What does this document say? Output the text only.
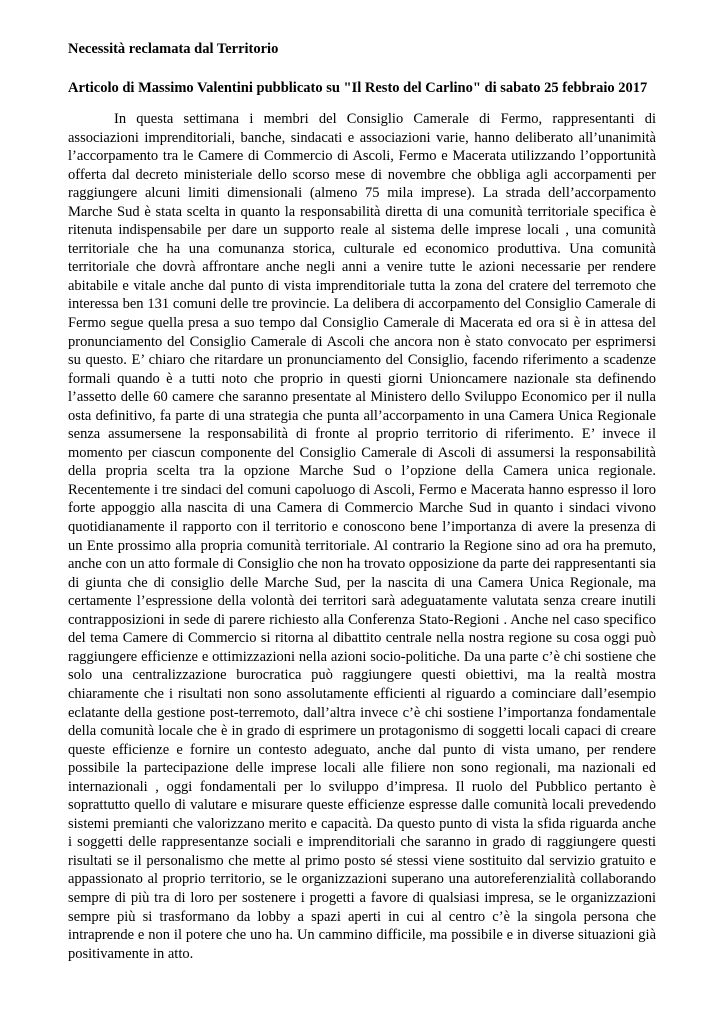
Necessità reclamata dal Territorio
Articolo di Massimo Valentini pubblicato su "Il Resto del Carlino" di sabato 25 febbraio 2017

In questa settimana i membri del Consiglio Camerale di Fermo, rappresentanti di associazioni imprenditoriali, banche, sindacati e associazioni varie, hanno deliberato all’unanimità l’accorpamento tra le Camere di Commercio di Ascoli, Fermo e Macerata utilizzando l’opportunità offerta dal decreto ministeriale dello scorso mese di novembre che obbliga agli accorpamenti per raggiungere alcuni limiti dimensionali (almeno 75 mila imprese). La strada dell’accorpamento Marche Sud è stata scelta in quanto la responsabilità diretta di una comunità territoriale specifica è ritenuta indispensabile per dare un supporto reale al sistema delle imprese locali , una comunità territoriale che ha una comunanza storica, culturale ed economico produttiva. Una comunità territoriale che dovrà affrontare anche negli anni a venire tutte le azioni necessarie per rendere abitabile e vitale anche dal punto di vista imprenditoriale tutta la zona del cratere del terremoto che interessa ben 131 comuni delle tre provincie. La delibera di accorpamento del Consiglio Camerale di Fermo segue quella presa a suo tempo dal Consiglio Camerale di Macerata ed ora si è in attesa del pronunciamento del Consiglio Camerale di Ascoli che ancora non è stato convocato per esprimersi su questo. E’ chiaro che ritardare un pronunciamento del Consiglio, facendo riferimento a scadenze formali quando è a tutti noto che proprio in questi giorni Unioncamere nazionale sta definendo l’assetto delle 60 camere che saranno presentate al Ministero dello Sviluppo Economico per il nulla osta definitivo, fa parte di una strategia che punta all’accorpamento in una Camera Unica Regionale senza assumersene la responsabilità di fronte al proprio territorio di riferimento. E’ invece il momento per ciascun componente del Consiglio Camerale di Ascoli di assumersi la responsabilità della propria scelta tra la opzione Marche Sud o l’opzione della Camera unica regionale. Recentemente i tre sindaci del comuni capoluogo di Ascoli, Fermo e Macerata hanno espresso il loro forte appoggio alla nascita di una Camera di Commercio Marche Sud in quanto i sindaci vivono quotidianamente il rapporto con il territorio e conoscono bene l’importanza di avere la presenza di un Ente prossimo alla propria comunità territoriale. Al contrario la Regione sino ad ora ha premuto, anche con un atto formale di Consiglio che non ha trovato opposizione da parte dei rappresentanti sia di giunta che di consiglio delle Marche Sud, per la nascita di una Camera Unica Regionale, ma certamente l’espressione della volontà dei territori sarà adeguatamente valutata senza creare inutili contrapposizioni in sede di parere richiesto alla Conferenza Stato-Regioni . Anche nel caso specifico del tema Camere di Commercio si ritorna al dibattito centrale nella nostra regione su cosa oggi può raggiungere efficienze e ottimizzazioni nella azioni socio-politiche. Da una parte c’è chi sostiene che solo una centralizzazione burocratica può raggiungere questi obiettivi, ma la realtà mostra chiaramente che i risultati non sono assolutamente efficienti al riguardo a cominciare dall’esempio eclatante della gestione post-terremoto, dall’altra invece c’è chi sostiene l’importanza fondamentale della comunità locale che è in grado di esprimere un protagonismo di soggetti locali capaci di creare queste efficienze e fornire un contesto adeguato, anche dal punto di vista umano, per rendere possibile la partecipazione delle imprese locali alle filiere non sono regionali, ma nazionali ed internazionali , oggi fondamentali per lo sviluppo d’impresa. Il ruolo del Pubblico pertanto è soprattutto quello di valutare e misurare queste efficienze espresse dalle comunità locali prevedendo sistemi premianti che valorizzano merito e capacità. Da questo punto di vista la sfida riguarda anche i soggetti delle rappresentanze sociali e imprenditoriali che saranno in grado di raggiungere questi risultati se il personalismo che mette al primo posto sé stessi viene sostituito dal servizio gratuito e appassionato al proprio territorio, se le organizzazioni superano una autoreferenzialità collaborando sempre di più tra di loro per sostenere i progetti a favore di qualsiasi impresa, se le organizzazioni sempre più si trasformano da lobby a spazi aperti in cui al centro c’è la singola persona che intraprende e non il potere che uno ha. Un cammino difficile, ma possibile e in diverse situazioni già positivamente in atto.
